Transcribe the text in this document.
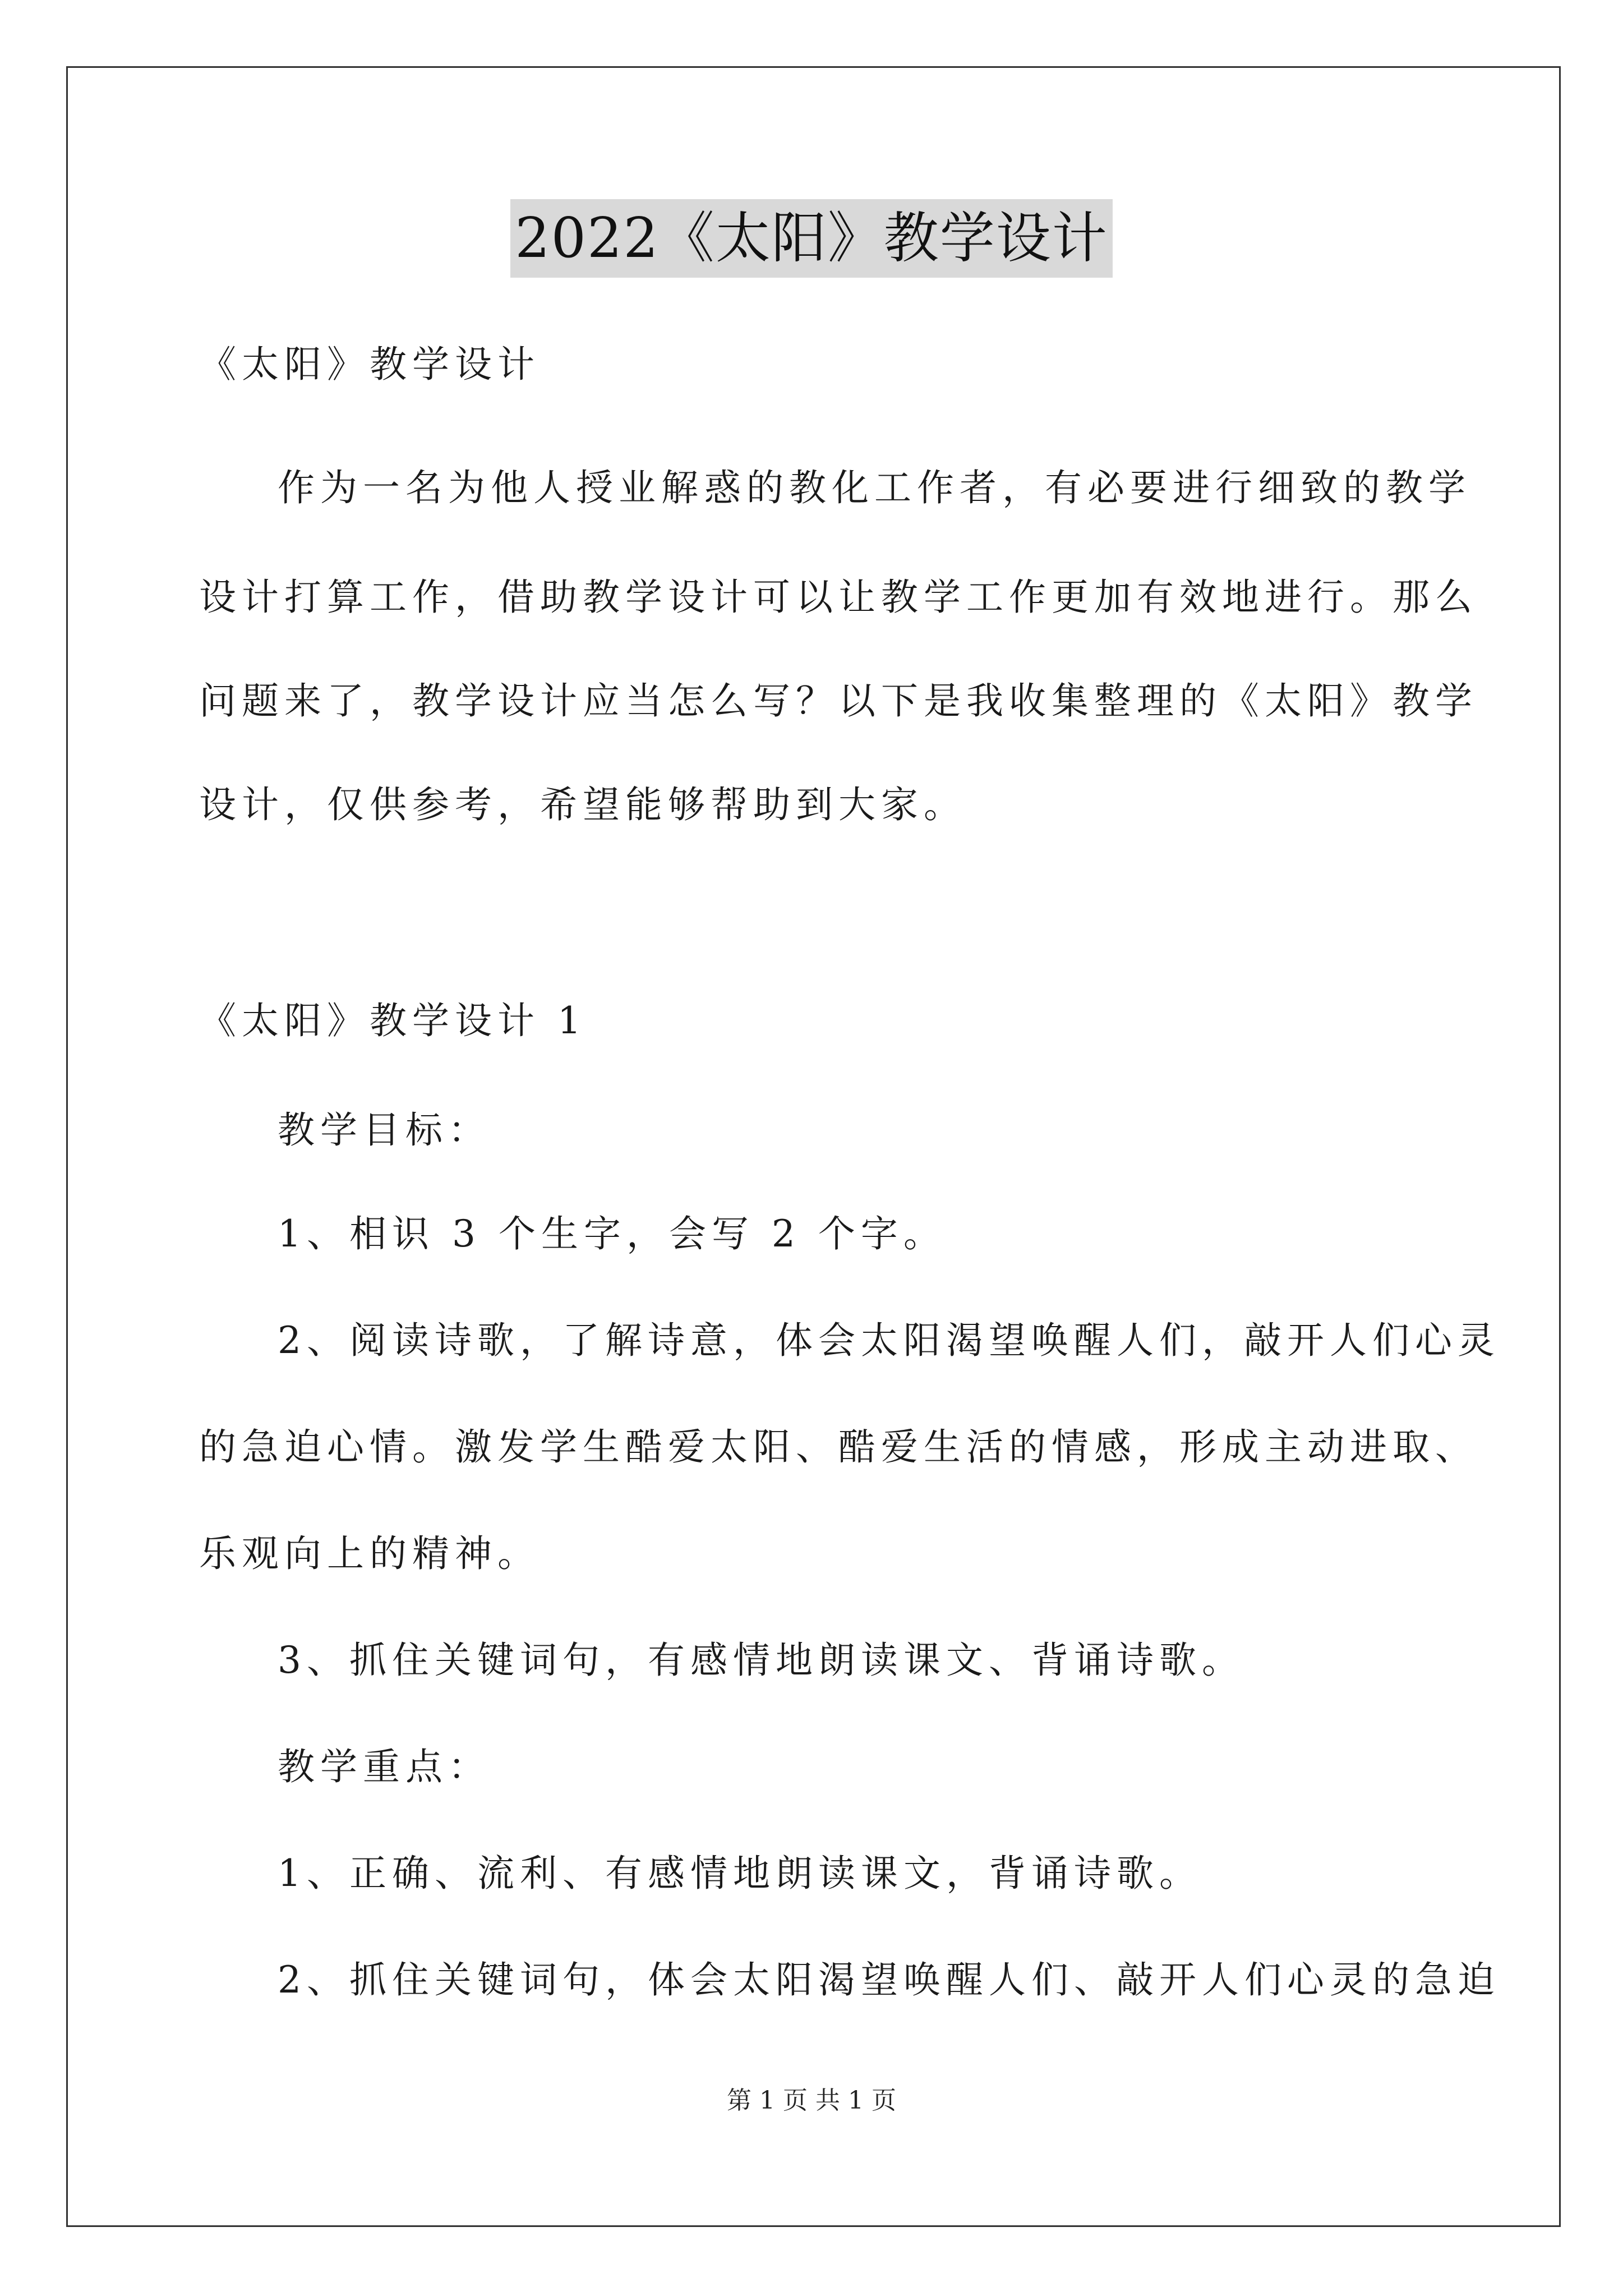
2022《太阳》教学设计
《太阳》教学设计
作为一名为他人授业解惑的教化工作者，有必要进行细致的教学
设计打算工作，借助教学设计可以让教学工作更加有效地进行。那么
问题来了，教学设计应当怎么写？以下是我收集整理的《太阳》教学
设计，仅供参考，希望能够帮助到大家。
《太阳》教学设计 1
教学目标：
1、相识 3 个生字，会写 2 个字。
2、阅读诗歌，了解诗意，体会太阳渴望唤醒人们，敲开人们心灵
的急迫心情。激发学生酷爱太阳、酷爱生活的情感，形成主动进取、
乐观向上的精神。
3、抓住关键词句，有感情地朗读课文、背诵诗歌。
教学重点：
1、正确、流利、有感情地朗读课文，背诵诗歌。
2、抓住关键词句，体会太阳渴望唤醒人们、敲开人们心灵的急迫
第 1 页 共 1 页
